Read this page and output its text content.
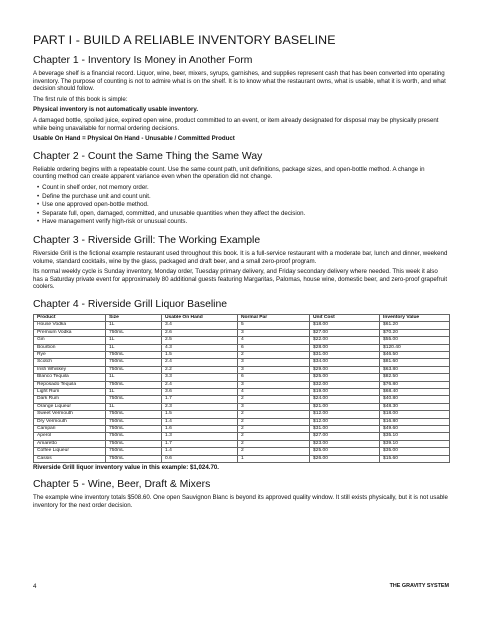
PART I - BUILD A RELIABLE INVENTORY BASELINE
Chapter 1 - Inventory Is Money in Another Form

A beverage shelf is a financial record. Liquor, wine, beer, mixers, syrups, garnishes, and supplies represent cash that has been converted into operating inventory. The purpose of counting is not to admire what is on the shelf. It is to know what the restaurant owns, what is usable, what it is worth, and what decision should follow.

The first rule of this book is simple:

Physical inventory is not automatically usable inventory.

A damaged bottle, spoiled juice, expired open wine, product committed to an event, or item already designated for disposal may be physically present while being unavailable for normal ordering decisions.

Usable On Hand = Physical On Hand - Unusable / Committed Product

Chapter 2 - Count the Same Thing the Same Way

Reliable ordering begins with a repeatable count. Use the same count path, unit definitions, package sizes, and open-bottle method. A change in counting method can create apparent variance even when the operation did not change.

• Count in shelf order, not memory order.
• Define the purchase unit and count unit.
• Use one approved open-bottle method.
• Separate full, open, damaged, committed, and unusable quantities when they affect the decision.
• Have management verify high-risk or unusual counts.
Chapter 3 - Riverside Grill: The Working Example

Riverside Grill is the fictional example restaurant used throughout this book. It is a full-service restaurant with a moderate bar, lunch and dinner, weekend volume, standard cocktails, wine by the glass, packaged and draft beer, and a small zero-proof program.

Its normal weekly cycle is Sunday inventory, Monday order, Tuesday primary delivery, and Friday secondary delivery where needed. This week it also has a Saturday private event for approximately 80 additional guests featuring Margaritas, Palomas, house wine, domestic beer, and zero-proof grapefruit coolers.

Chapter 4 - Riverside Grill Liquor Baseline
Product	Size	Usable On Hand	Normal Par	Unit Cost	Inventory Value
House Vodka	1L	3.4	5	$18.00	$61.20
Premium Vodka	750mL	2.6	3	$27.00	$70.20
Gin	1L	2.5	4	$22.00	$55.00
Bourbon	1L	4.3	6	$28.00	$120.40
Rye	750mL	1.5	2	$31.00	$46.50
Scotch	750mL	2.4	3	$34.00	$81.60
Irish Whiskey	750mL	2.2	3	$29.00	$63.80
Blanco Tequila	1L	3.3	6	$25.00	$82.50
Reposado Tequila	750mL	2.4	3	$32.00	$76.80
Light Rum	1L	3.6	4	$19.00	$68.40
Dark Rum	750mL	1.7	2	$24.00	$40.80
Orange Liqueur	1L	2.3	3	$21.00	$48.30
Sweet Vermouth	750mL	1.5	2	$12.00	$18.00
Dry Vermouth	750mL	1.4	2	$12.00	$16.80
Campari	750mL	1.6	2	$31.00	$49.60
Aperol	750mL	1.3	2	$27.00	$35.10
Amaretto	750mL	1.7	2	$23.00	$39.10
Coffee Liqueur	750mL	1.4	2	$25.00	$35.00
Cassis	750mL	0.6	1	$26.00	$15.60
Riverside Grill liquor inventory value in this example: $1,024.70.
Chapter 5 - Wine, Beer, Draft & Mixers

The example wine inventory totals $508.60. One open Sauvignon Blanc is beyond its approved quality window. It still exists physically, but it is not usable inventory for the next order decision.

4	THE GRAVITY SYSTEM
